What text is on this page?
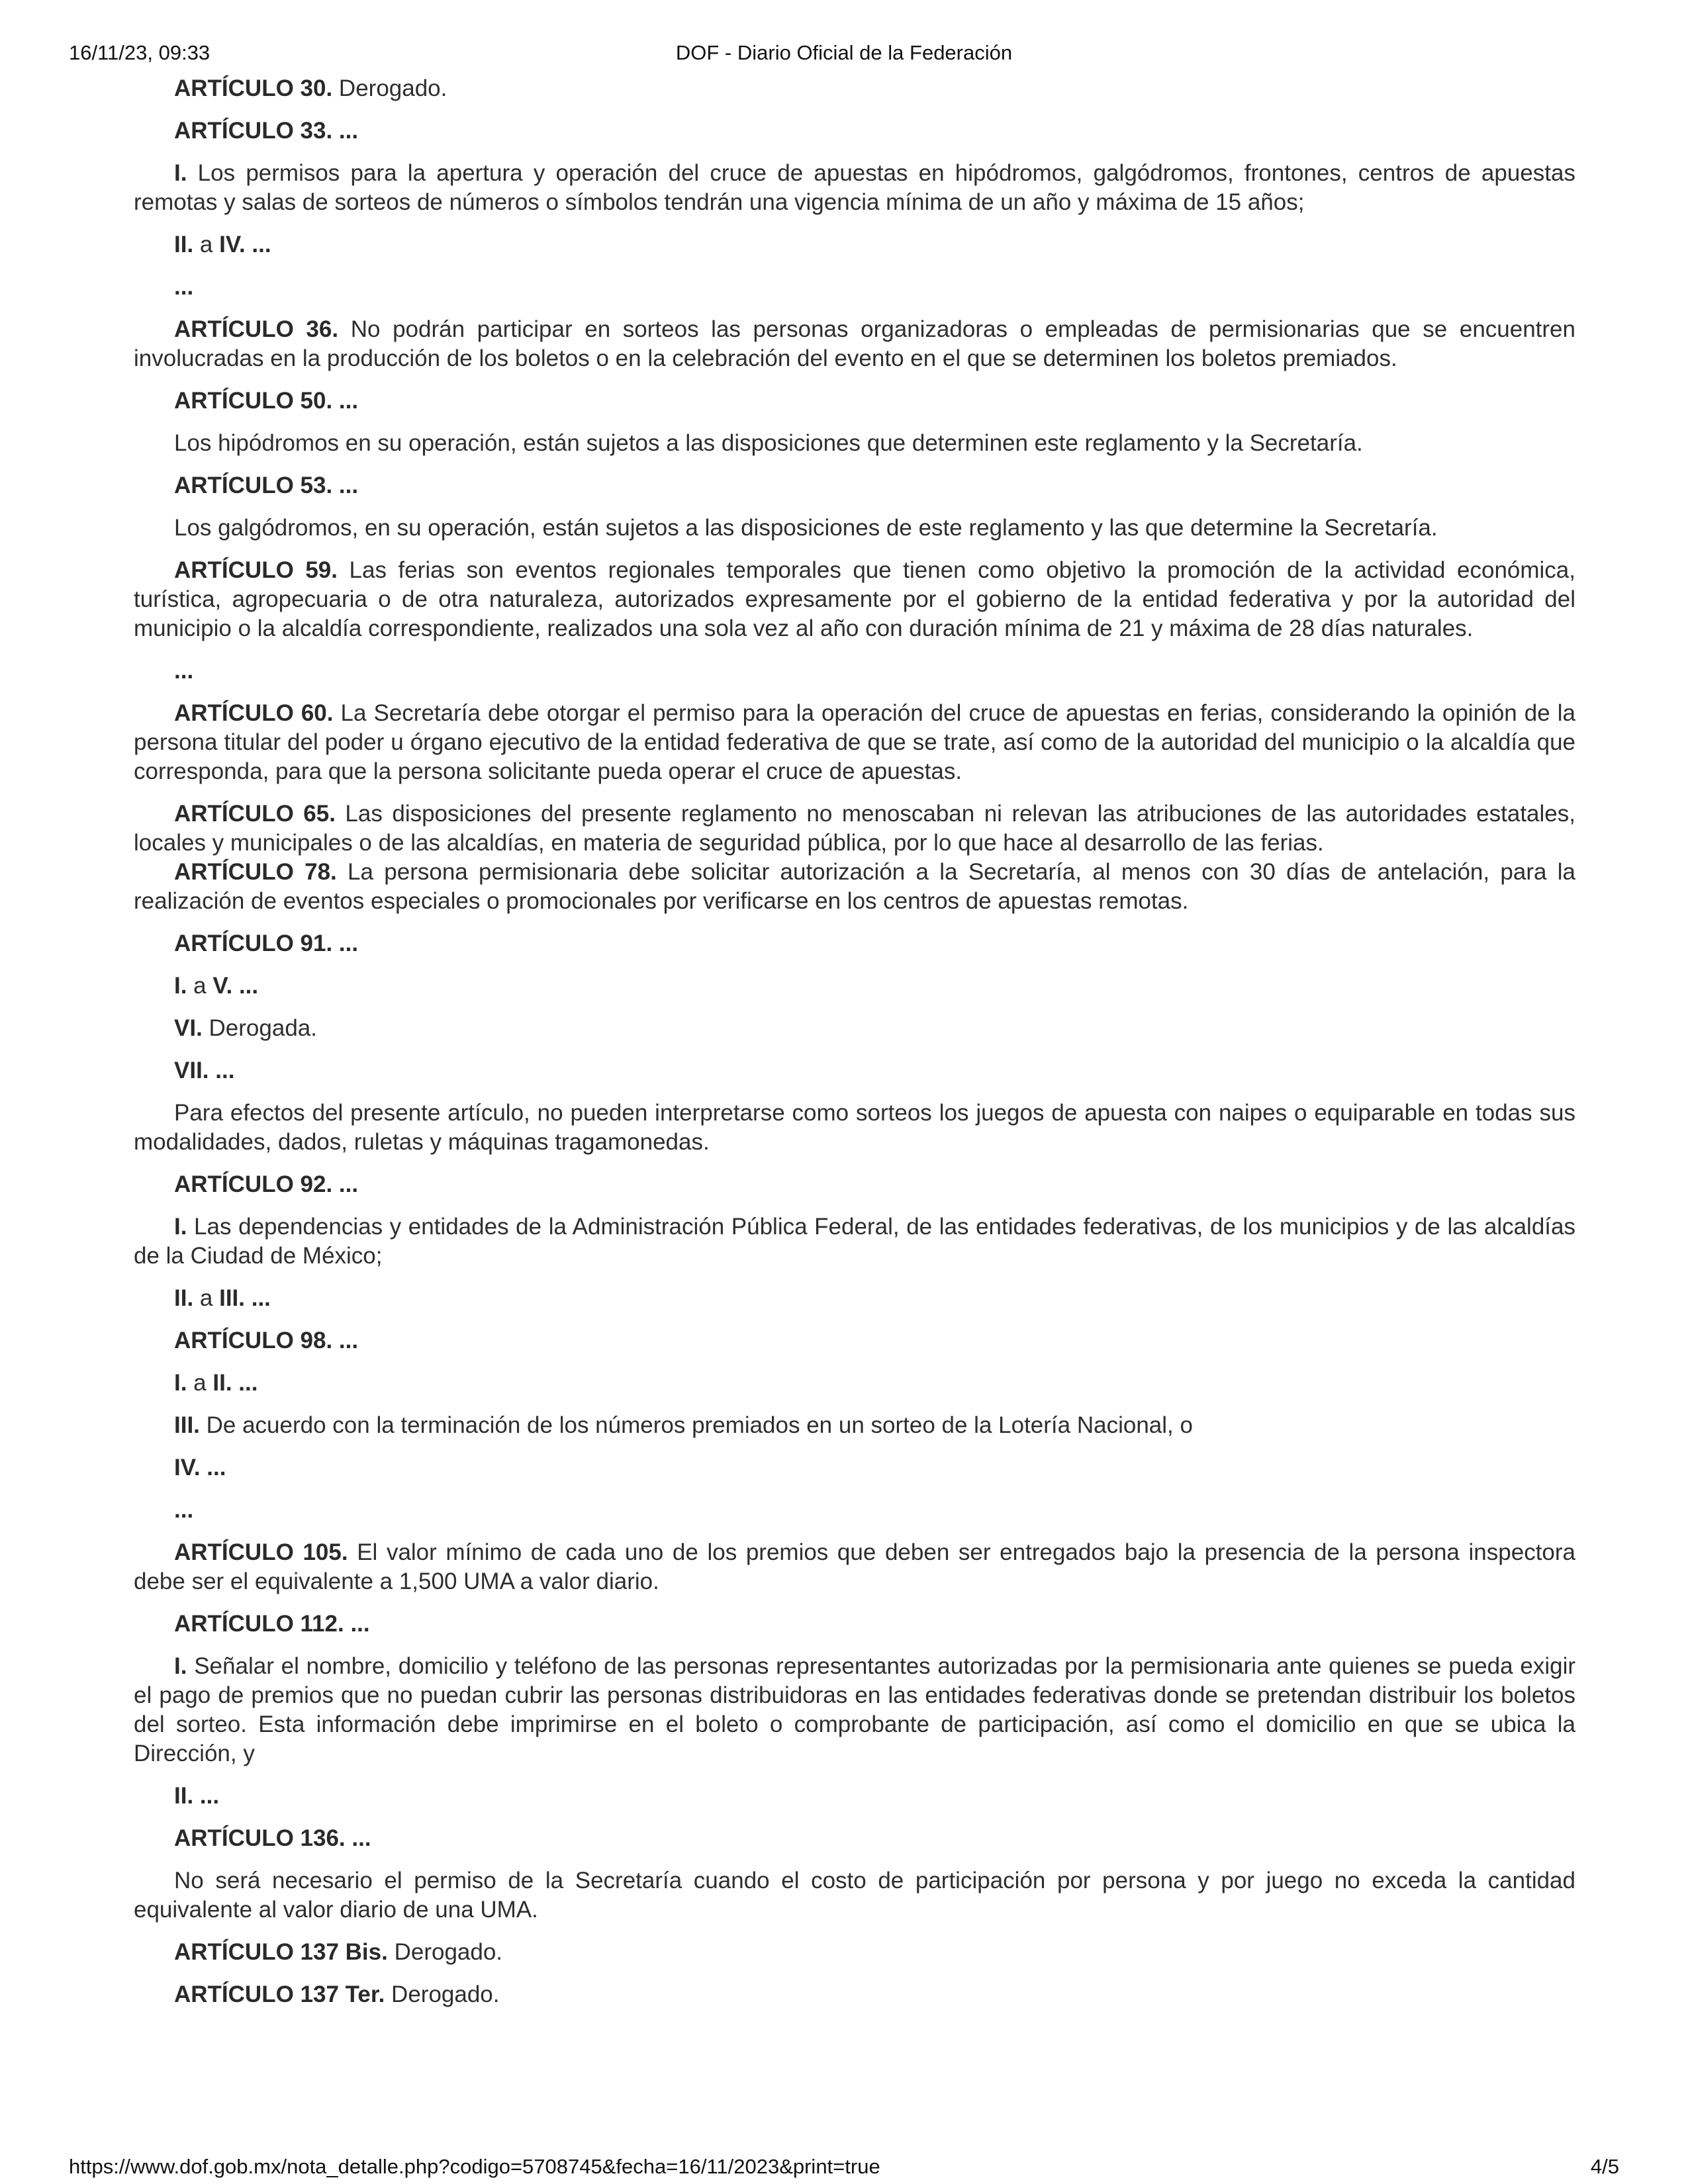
16/11/23, 09:33	DOF - Diario Oficial de la Federación

ARTÍCULO 30. Derogado.

ARTÍCULO 33. ...

I. Los permisos para la apertura y operación del cruce de apuestas en hipódromos, galgódromos, frontones, centros de apuestas remotas y salas de sorteos de números o símbolos tendrán una vigencia mínima de un año y máxima de 15 años;

II. a IV. ...

...

ARTÍCULO 36. No podrán participar en sorteos las personas organizadoras o empleadas de permisionarias que se encuentren involucradas en la producción de los boletos o en la celebración del evento en el que se determinen los boletos premiados.

ARTÍCULO 50. ...

Los hipódromos en su operación, están sujetos a las disposiciones que determinen este reglamento y la Secretaría.

ARTÍCULO 53. ...

Los galgódromos, en su operación, están sujetos a las disposiciones de este reglamento y las que determine la Secretaría.

ARTÍCULO 59. Las ferias son eventos regionales temporales que tienen como objetivo la promoción de la actividad económica, turística, agropecuaria o de otra naturaleza, autorizados expresamente por el gobierno de la entidad federativa y por la autoridad del municipio o la alcaldía correspondiente, realizados una sola vez al año con duración mínima de 21 y máxima de 28 días naturales.

...

ARTÍCULO 60. La Secretaría debe otorgar el permiso para la operación del cruce de apuestas en ferias, considerando la opinión de la persona titular del poder u órgano ejecutivo de la entidad federativa de que se trate, así como de la autoridad del municipio o la alcaldía que corresponda, para que la persona solicitante pueda operar el cruce de apuestas.

ARTÍCULO 65. Las disposiciones del presente reglamento no menoscaban ni relevan las atribuciones de las autoridades estatales, locales y municipales o de las alcaldías, en materia de seguridad pública, por lo que hace al desarrollo de las ferias.

ARTÍCULO 78. La persona permisionaria debe solicitar autorización a la Secretaría, al menos con 30 días de antelación, para la realización de eventos especiales o promocionales por verificarse en los centros de apuestas remotas.

ARTÍCULO 91. ...

I. a V. ...

VI. Derogada.

VII. ...

Para efectos del presente artículo, no pueden interpretarse como sorteos los juegos de apuesta con naipes o equiparable en todas sus modalidades, dados, ruletas y máquinas tragamonedas.

ARTÍCULO 92. ...

I. Las dependencias y entidades de la Administración Pública Federal, de las entidades federativas, de los municipios y de las alcaldías de la Ciudad de México;

II. a III. ...

ARTÍCULO 98. ...

I. a II. ...

III. De acuerdo con la terminación de los números premiados en un sorteo de la Lotería Nacional, o

IV. ...

...

ARTÍCULO 105. El valor mínimo de cada uno de los premios que deben ser entregados bajo la presencia de la persona inspectora debe ser el equivalente a 1,500 UMA a valor diario.

ARTÍCULO 112. ...

I. Señalar el nombre, domicilio y teléfono de las personas representantes autorizadas por la permisionaria ante quienes se pueda exigir el pago de premios que no puedan cubrir las personas distribuidoras en las entidades federativas donde se pretendan distribuir los boletos del sorteo. Esta información debe imprimirse en el boleto o comprobante de participación, así como el domicilio en que se ubica la Dirección, y

II. ...

ARTÍCULO 136. ...

No será necesario el permiso de la Secretaría cuando el costo de participación por persona y por juego no exceda la cantidad equivalente al valor diario de una UMA.

ARTÍCULO 137 Bis. Derogado.

ARTÍCULO 137 Ter. Derogado.

https://www.dof.gob.mx/nota_detalle.php?codigo=5708745&fecha=16/11/2023&print=true	4/5
